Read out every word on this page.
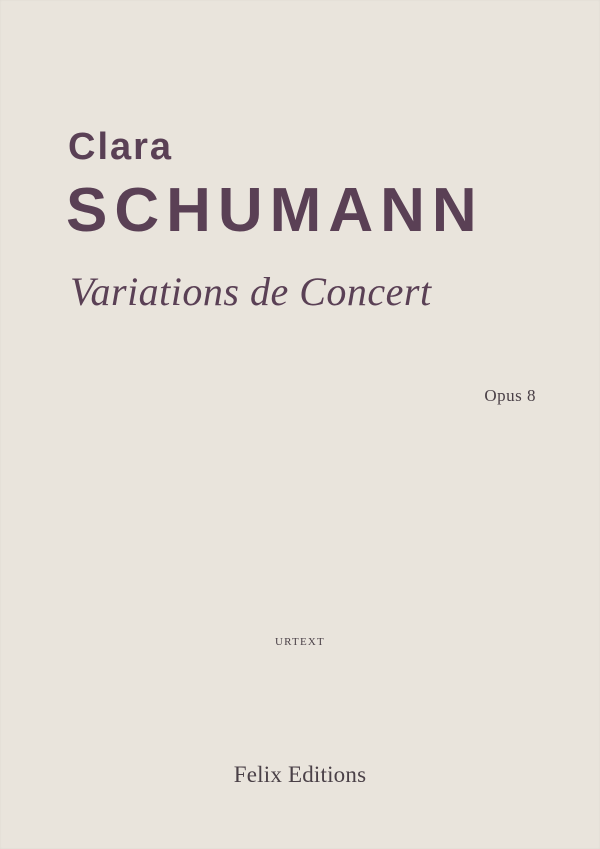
Clara
SCHUMANN
Variations de Concert
Opus 8
URTEXT
Felix Editions
